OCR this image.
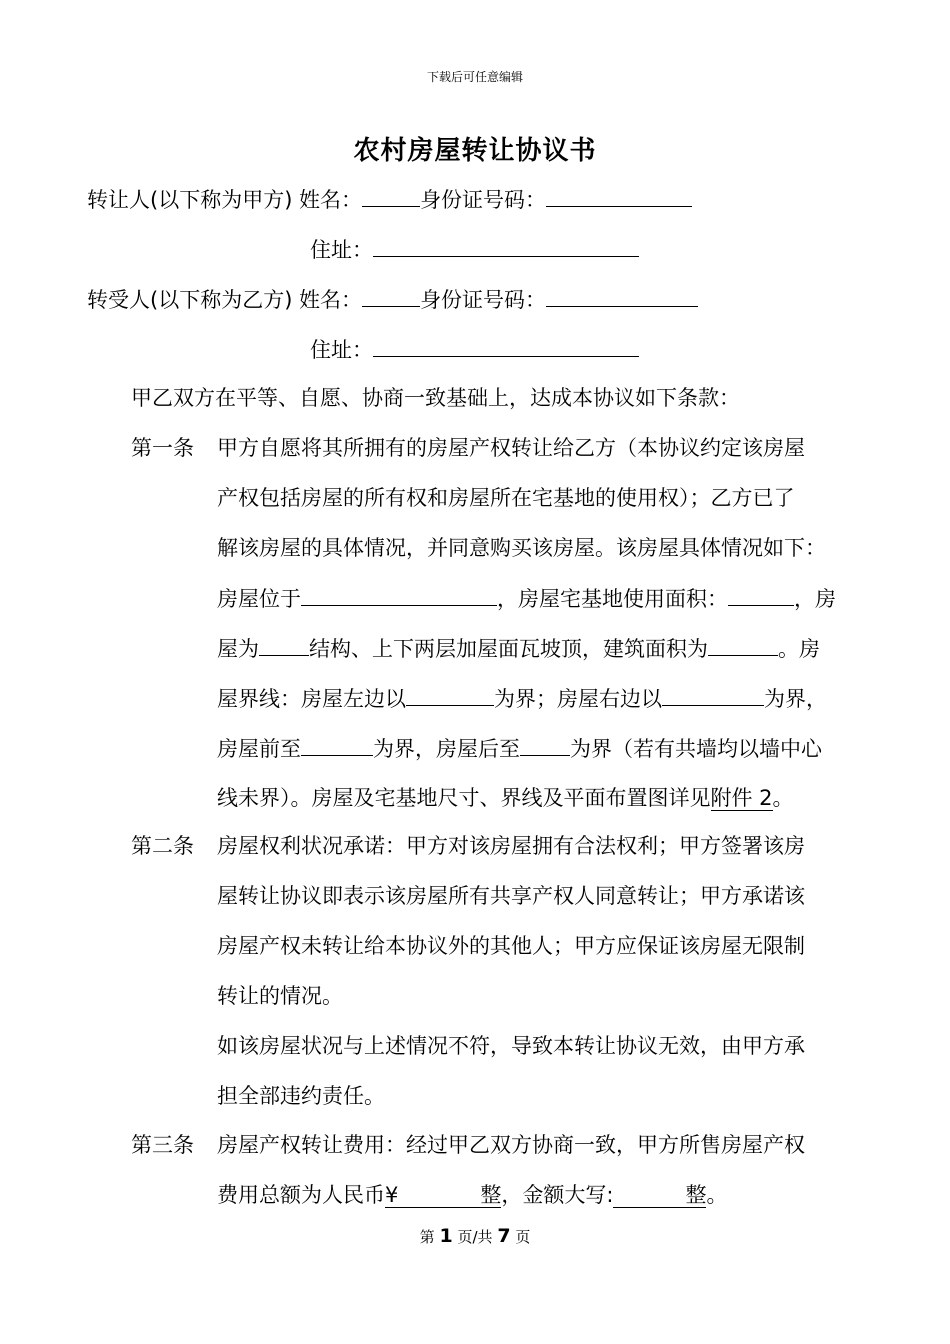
下载后可任意编辑
农村房屋转让协议书
转让人(以下称为甲方) 姓名：	身份证号码：
住址：
转受人(以下称为乙方) 姓名：	身份证号码：
住址：
甲乙双方在平等、自愿、协商一致基础上，达成本协议如下条款：
第一条 甲方自愿将其所拥有的房屋产权转让给乙方（本协议约定该房屋
产权包括房屋的所有权和房屋所在宅基地的使用权）；乙方已了
解该房屋的具体情况，并同意购买该房屋。该房屋具体情况如下：
房屋位于	，房屋宅基地使用面积：	，房
屋为 结构、上下两层加屋面瓦坡顶，建筑面积为	。房
屋界线：房屋左边以	为界；房屋右边以	为界，
房屋前至	为界，房屋后至 为界（若有共墙均以墙中心
线未界）。房屋及宅基地尺寸、界线及平面布置图详见附件 2。
第二条 房屋权利状况承诺：甲方对该房屋拥有合法权利；甲方签署该房
屋转让协议即表示该房屋所有共享产权人同意转让；甲方承诺该
房屋产权未转让给本协议外的其他人；甲方应保证该房屋无限制
转让的情况。
如该房屋状况与上述情况不符，导致本转让协议无效，由甲方承
担全部违约责任。
第三条 房屋产权转让费用：经过甲乙双方协商一致，甲方所售房屋产权
费用总额为人民币¥	整，金额大写:	整。
第 1 页/共 7 页
